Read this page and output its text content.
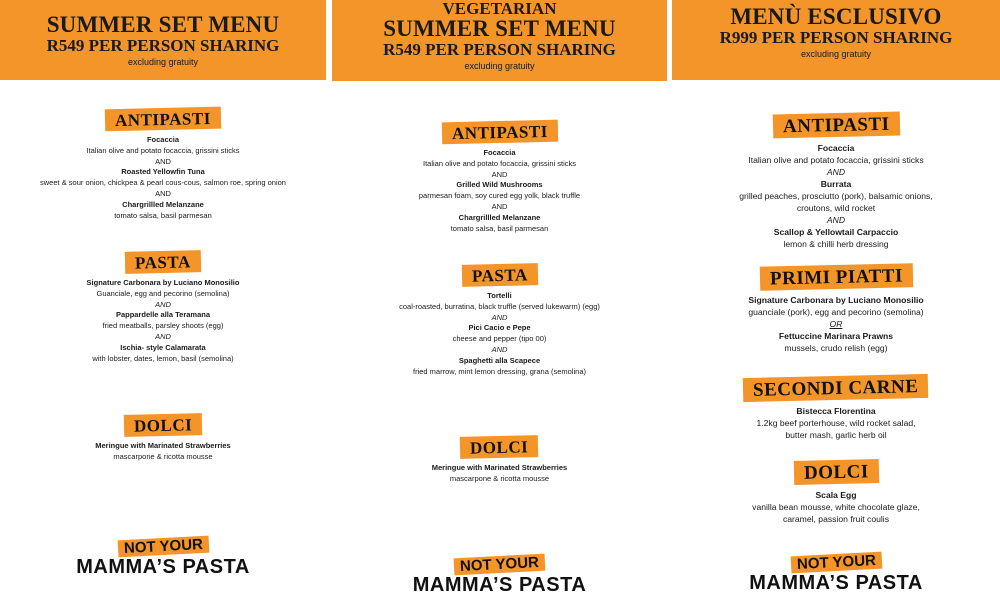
SUMMER SET MENU
R549 PER PERSON SHARING
excluding gratuity
ANTIPASTI
Focaccia
Italian olive and potato focaccia, grissini sticks
AND
Roasted Yellowfin Tuna
sweet & sour onion, chickpea & pearl cous-cous, salmon roe, spring onion
AND
Chargrillled Melanzane
tomato salsa, basil parmesan
PASTA
Signature Carbonara by Luciano Monosilio
Guanciale, egg and pecorino (semolina)
AND
Pappardelle alla Teramana
fried meatballs, parsley shoots (egg)
AND
Ischia- style Calamarata
with lobster, dates, lemon, basil (semolina)
DOLCI
Meringue with Marinated Strawberries
mascarpone & ricotta mousse
NOT YOUR
MAMMA’S PASTA
VEGETARIAN
SUMMER SET MENU
R549 PER PERSON SHARING
excluding gratuity
ANTIPASTI
Focaccia
Italian olive and potato focaccia, grissini sticks
AND
Grilled Wild Mushrooms
parmesan foam, soy cured egg yolk, black truffle
AND
Chargrillled Melanzane
tomato salsa, basil parmesan
PASTA
Tortelli
coal-roasted, burratina, black truffle (served lukewarm) (egg)
AND
Pici Cacio e Pepe
cheese and pepper (tipo 00)
AND
Spaghetti alla Scapece
fried marrow, mint lemon dressing, grana (semolina)
DOLCI
Meringue with Marinated Strawberries
mascarpone & ricotta mousse
NOT YOUR
MAMMA’S PASTA
MENÙ ESCLUSIVO
R999 PER PERSON SHARING
excluding gratuity
ANTIPASTI
Focaccia
Italian olive and potato focaccia, grissini sticks
AND
Burrata
grilled peaches, prosciutto (pork), balsamic onions,
croutons, wild rocket
AND
Scallop & Yellowtail Carpaccio
lemon & chilli herb dressing
PRIMI PIATTI
Signature Carbonara by Luciano Monosilio
guanciale (pork), egg and pecorino (semolina)
OR
Fettuccine Marinara Prawns
mussels, crudo relish (egg)
SECONDI CARNE
Bistecca Florentina
1.2kg beef porterhouse, wild rocket salad,
butter mash, garlic herb oil
DOLCI
Scala Egg
vanilla bean mousse, white chocolate glaze,
caramel, passion fruit coulis
NOT YOUR
MAMMA’S PASTA
